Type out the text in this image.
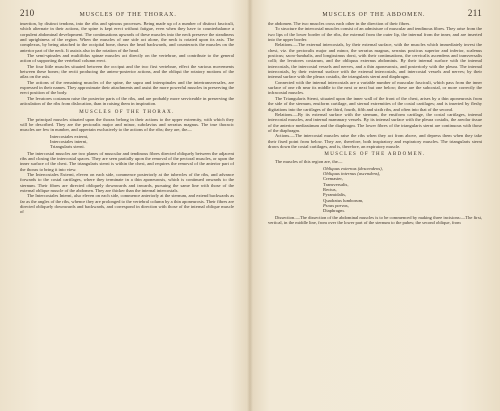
210	MUSCLES OF THE THORAX.

insertion, by distinct tendons, into the ribs and spinous processes. Being made up of a number of distinct fasciculi, which alternate in their actions, the spine is kept erect without fatigue, even when they have to counterbalance a corpulent abdominal development. The continuations upwards of these muscles into the neck preserve the steadiness and uprightness of the region. When the muscles of one side act alone, the neck is rotated upon its axis. The complexus, by being attached to the occipital bone, draws the head backwards, and counteracts the muscles on the anterior part of the neck. It assists also in the rotation of the head.

The semi-spinales and multifidus spinae muscles act directly on the vertebrae, and contribute to the general action of supporting the vertebral column erect.

The four little muscles situated between the occiput and the two first vertebrae, effect the various movements between these bones; the rectii producing the antero-posterior actions, and the obliqui the rotatory motions of the atlas on the axis.

The actions of the remaining muscles of the spine, the supra and interspinales and the intertransversales, are expressed in their names. They approximate their attachments and assist the more powerful muscles in preserving the erect position of the body.

The levatores costarum raise the posterior parts of the ribs, and are probably more serviceable in preserving the articulation of the ribs from dislocation, than in raising them in inspiration.

MUSCLES OF THE THORAX.

The principal muscles situated upon the thorax belong in their actions to the upper extremity, with which they will be described. They are the pectoralis major and minor, subclavius and serratus magnus. The true thoracic muscles are few in number, and appertain exclusively to the actions of the ribs; they are, the—

Intercostales externi,
Intercostales interni,
Triangularis sterni.

The intercostal muscles are two planes of muscular and tendinous fibres directed obliquely between the adjacent ribs and closing the intercostal spaces. They are seen partially upon the removal of the pectoral muscles, or upon the inner surface of the chest. The triangularis sterni is within the chest, and requires the removal of the anterior part of the thorax to bring it into view.

The Intercostales Externi, eleven on each side, commence posteriorly at the tubercles of the ribs, and advance forwards to the costal cartilages, where they terminate in a thin aponeurosis, which is continued onwards to the sternum. Their fibres are directed obliquely downwards and inwards, pursuing the same line with those of the external oblique muscle of the abdomen. They are thicker than the internal intercostals.

The Intercostales Interni, also eleven on each side, commence anteriorly at the sternum, and extend backwards as far as the angles of the ribs, whence they are prolonged to the vertebral column by a thin aponeurosis. Their fibres are directed obliquely downwards and backwards, and correspond in direction with those of the internal oblique muscle of

MUSCLES OF THE ABDOMEN.	211

the abdomen. The two muscles cross each other in the direction of their fibres.

To structure the intercostal muscles consist of an admixture of muscular and tendinous fibres. They arise from the two lips of the lower border of the ribs, the external from the outer lip, the internal from the inner, and are inserted into the upper border.

Relations.—The external intercostals, by their external surface, with the muscles which immediately invest the chest, viz. the pectoralis major and minor, the serratus magnus, serratus posticus superior and inferior, scalenus posticus; sacro-lumbalis, and longissimus dorsi, with their continuations, the cervicalis ascendens and transversalis colli; the levatores costarum, and the obliquus externus abdominis. By their internal surface with the internal intercostals, the intercostal vessels and nerves, and a thin aponeurosis, and posteriorly with the pleura. The internal intercostals, by their external surface with the external intercostals, and intercostal vessels and nerves; by their internal surface with the pleura costalis, the triangularis sterni and diaphragm.

Connected with the internal intercostals are a variable number of muscular fasciculi, which pass from the inner surface of one rib near its middle to the next or next but one below; these are the subcostal, or more correctly the infracostal muscles.

The Triangularis Sterni, situated upon the inner wall of the front of the chest, arises by a thin aponeurosis from the side of the sternum, ensiform cartilage, and sternal extremities of the costal cartilages; and is inserted by fleshy digitations into the cartilages of the third, fourth, fifth and sixth ribs, and often into that of the second.

Relations.—By its external surface with the sternum, the ensiform cartilage, the costal cartilages, internal intercostal muscles, and internal mammary vessels. By its internal surface with the pleura costalis, the areolar tissue of the anterior mediastinum and the diaphragm. The lower fibres of the triangularis sterni are continuous with those of the diaphragm.

Actions.—The intercostal muscles raise the ribs when they act from above, and depress them when they take their fixed point from below. They are, therefore, both inspiratory and expiratory muscles. The triangularis sterni draws down the costal cartilages, and is, therefore, an expiratory muscle.

MUSCLES OF THE ABDOMEN.

The muscles of this region are, the—

Obliquus externus (descendens),
Obliquus internus (ascendens),
Cremaster,
Transversalis,
Rectus,
Pyramidalis,
Quadratus lumborum,
Psoas parvus,
Diaphragm.

Dissection.—The dissection of the abdominal muscles is to be commenced by making three incisions:—The first, vertical, in the middle line, from over the lower part of the sternum to the pubes; the second oblique, from
